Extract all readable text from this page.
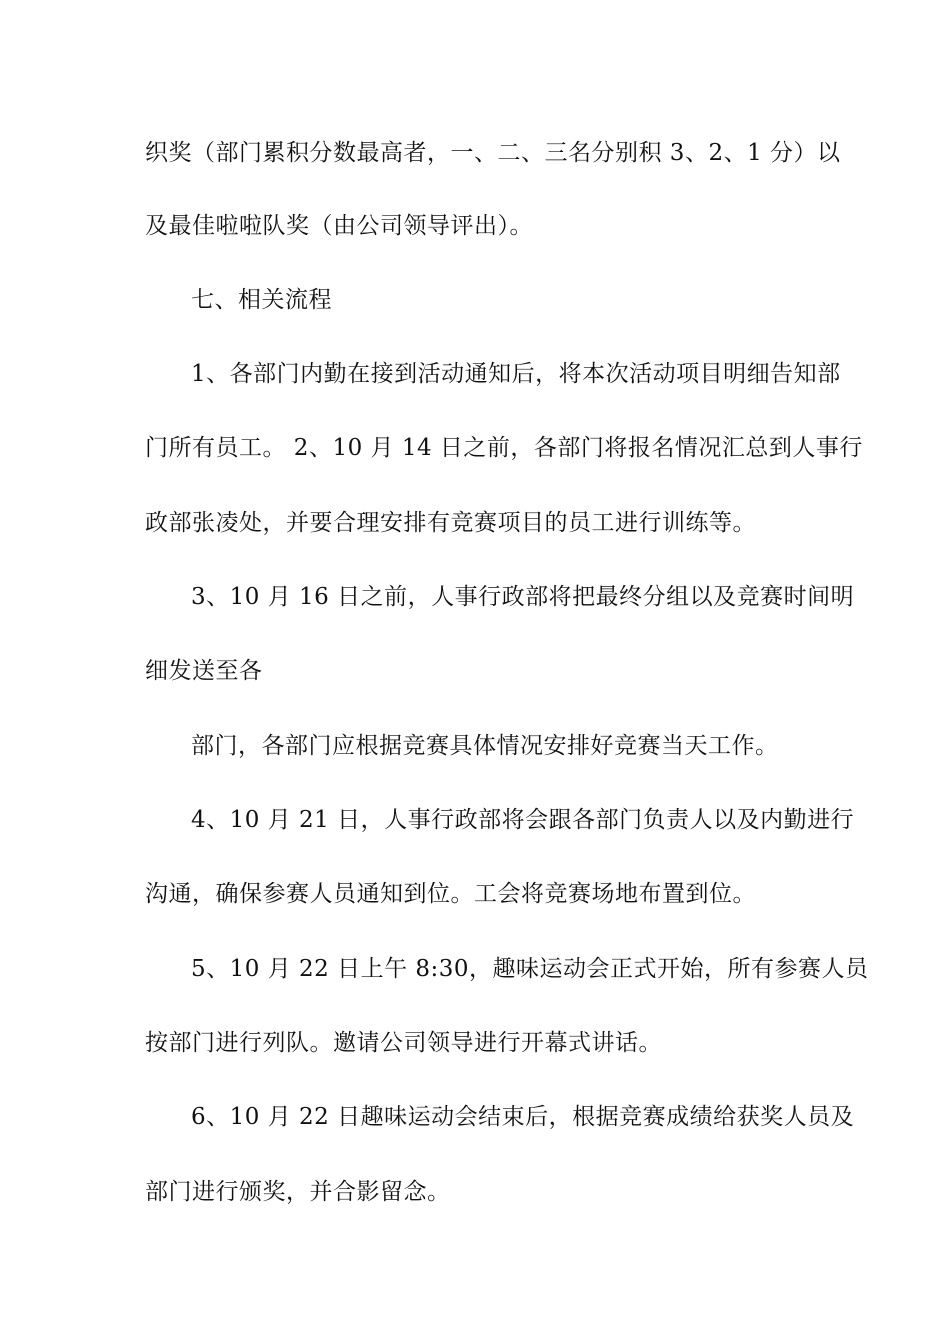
织奖（部门累积分数最高者，一、二、三名分别积 3、2、1 分）以
及最佳啦啦队奖（由公司领导评出）。
七、相关流程
1、各部门内勤在接到活动通知后，将本次活动项目明细告知部
门所有员工。 2、10 月 14 日之前，各部门将报名情况汇总到人事行
政部张凌处，并要合理安排有竞赛项目的员工进行训练等。
3、10 月 16 日之前，人事行政部将把最终分组以及竞赛时间明
细发送至各
部门，各部门应根据竞赛具体情况安排好竞赛当天工作。
4、10 月 21 日，人事行政部将会跟各部门负责人以及内勤进行
沟通，确保参赛人员通知到位。工会将竞赛场地布置到位。
5、10 月 22 日上午 8:30，趣味运动会正式开始，所有参赛人员
按部门进行列队。邀请公司领导进行开幕式讲话。
6、10 月 22 日趣味运动会结束后，根据竞赛成绩给获奖人员及
部门进行颁奖，并合影留念。
